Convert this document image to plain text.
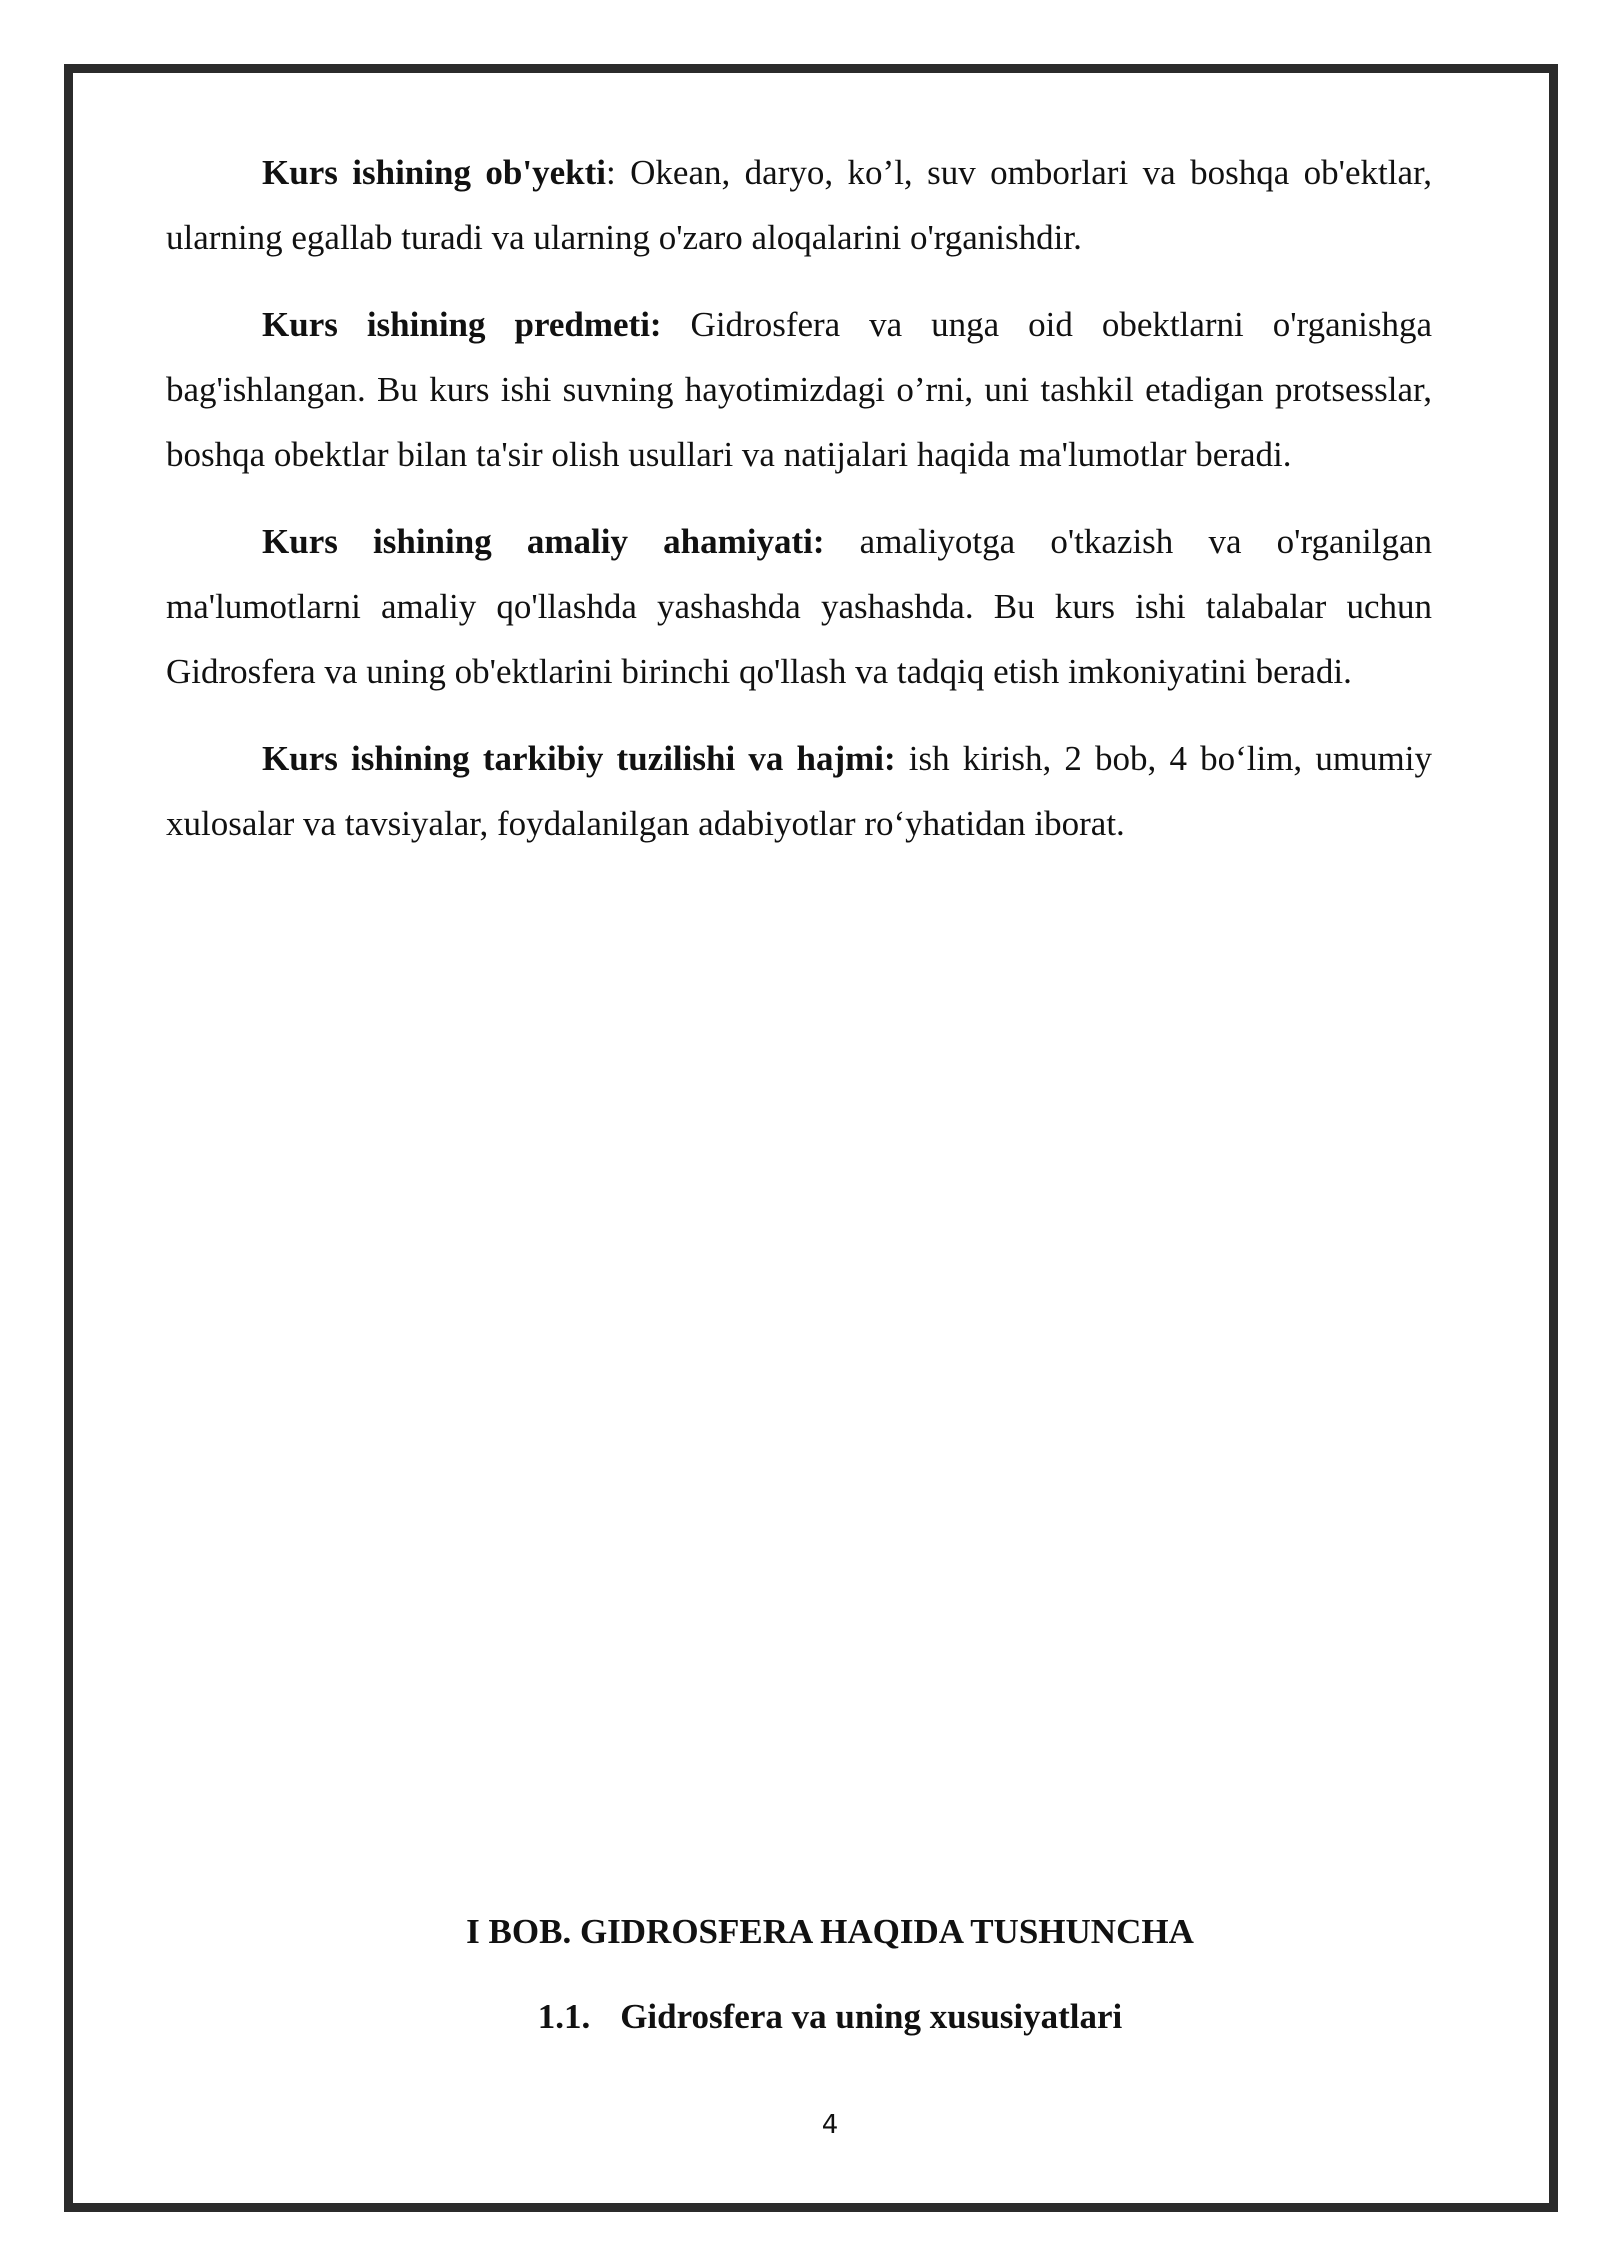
Kurs ishining ob'yekti: Okean, daryo, ko’l, suv omborlari va boshqa ob'ektlar, ularning egallab turadi va ularning o'zaro aloqalarini o'rganishdir.

Kurs ishining predmeti: Gidrosfera va unga oid obektlarni o'rganishga bag'ishlangan. Bu kurs ishi suvning hayotimizdagi o’rni, uni tashkil etadigan protsesslar, boshqa obektlar bilan ta'sir olish usullari va natijalari haqida ma'lumotlar beradi.

Kurs ishining amaliy ahamiyati: amaliyotga o'tkazish va o'rganilgan ma'lumotlarni amaliy qo'llashda yashashda yashashda. Bu kurs ishi talabalar uchun Gidrosfera va uning ob'ektlarini birinchi qo'llash va tadqiq etish imkoniyatini beradi.

Kurs ishining tarkibiy tuzilishi va hajmi: ish kirish, 2 bob, 4 bo‘lim, umumiy xulosalar va tavsiyalar, foydalanilgan adabiyotlar ro‘yhatidan iborat.

I BOB. GIDROSFERA HAQIDA TUSHUNCHA

1.1. Gidrosfera va uning xususiyatlari

4
